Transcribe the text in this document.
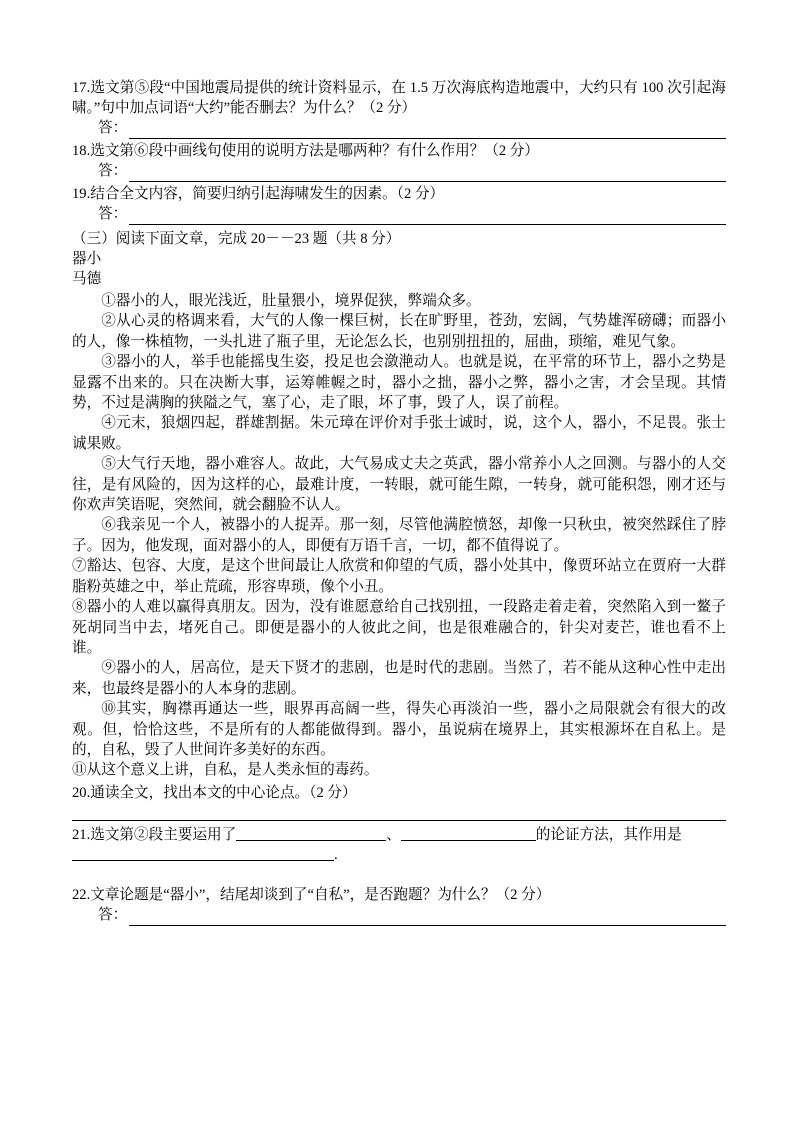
17.选文第⑤段“中国地震局提供的统计资料显示，在 1.5 万次海底构造地震中，大约只有 100 次引起海啸。”句中加点词语“大约”能否删去？为什么？（2 分）
答：
18.选文第⑥段中画线句使用的说明方法是哪两种？有什么作用？（2 分）
答：
19.结合全文内容，简要归纳引起海啸发生的因素。（2 分）
答：
（三）阅读下面文章，完成 20－－23 题（共 8 分）
器小
马德

①器小的人，眼光浅近，肚量猥小，境界促狭，弊端众多。

②从心灵的格调来看，大气的人像一棵巨树，长在旷野里，苍劲，宏阔，气势雄浑磅礴；而器小的人，像一株植物，一头扎进了瓶子里，无论怎么长，也别别扭扭的，屈曲，琐缩，难见气象。

③器小的人，举手也能摇曳生姿，投足也会潋滟动人。也就是说，在平常的环节上，器小之势是显露不出来的。只在决断大事，运筹帷幄之时，器小之拙，器小之弊，器小之害，才会呈现。其情势，不过是满胸的狭隘之气，塞了心，走了眼，坏了事，毁了人，误了前程。

④元末，狼烟四起，群雄割据。朱元璋在评价对手张士诚时，说，这个人，器小，不足畏。张士诚果败。

⑤大气行天地，器小难容人。故此，大气易成丈夫之英武，器小常养小人之回测。与器小的人交往，是有风险的，因为这样的心，最难计度，一转眼，就可能生隙，一转身，就可能积怨，刚才还与你欢声笑语呢，突然间，就会翻脸不认人。

⑥我亲见一个人，被器小的人捉弄。那一刻，尽管他满腔愤怒，却像一只秋虫，被突然踩住了脖子。因为，他发现，面对器小的人，即便有万语千言，一切，都不值得说了。

⑦豁达、包容、大度，是这个世间最让人欣赏和仰望的气质，器小处其中，像贾环站立在贾府一大群脂粉英雄之中，举止荒疏，形容卑琐，像个小丑。

⑧器小的人难以赢得真朋友。因为，没有谁愿意给自己找别扭，一段路走着走着，突然陷入到一鳌子死胡同当中去，堵死自己。即便是器小的人彼此之间，也是很难融合的，针尖对麦芒，谁也看不上谁。

⑨器小的人，居高位，是天下贤才的悲剧，也是时代的悲剧。当然了，若不能从这种心性中走出来，也最终是器小的人本身的悲剧。

⑩其实，胸襟再通达一些，眼界再高阔一些，得失心再淡泊一些，器小之局限就会有很大的改观。但，恰恰这些，不是所有的人都能做得到。器小，虽说病在境界上，其实根源坏在自私上。是的，自私，毁了人世间许多美好的东西。

⑪从这个意义上讲，自私，是人类永恒的毒药。

20.通读全文，找出本文的中心论点。（2 分）
21.选文第②段主要运用了	、	的论证方法，其作用是
.
22.文章论题是“器小”，结尾却谈到了“自私”，是否跑题？为什么？（2 分）
答：
